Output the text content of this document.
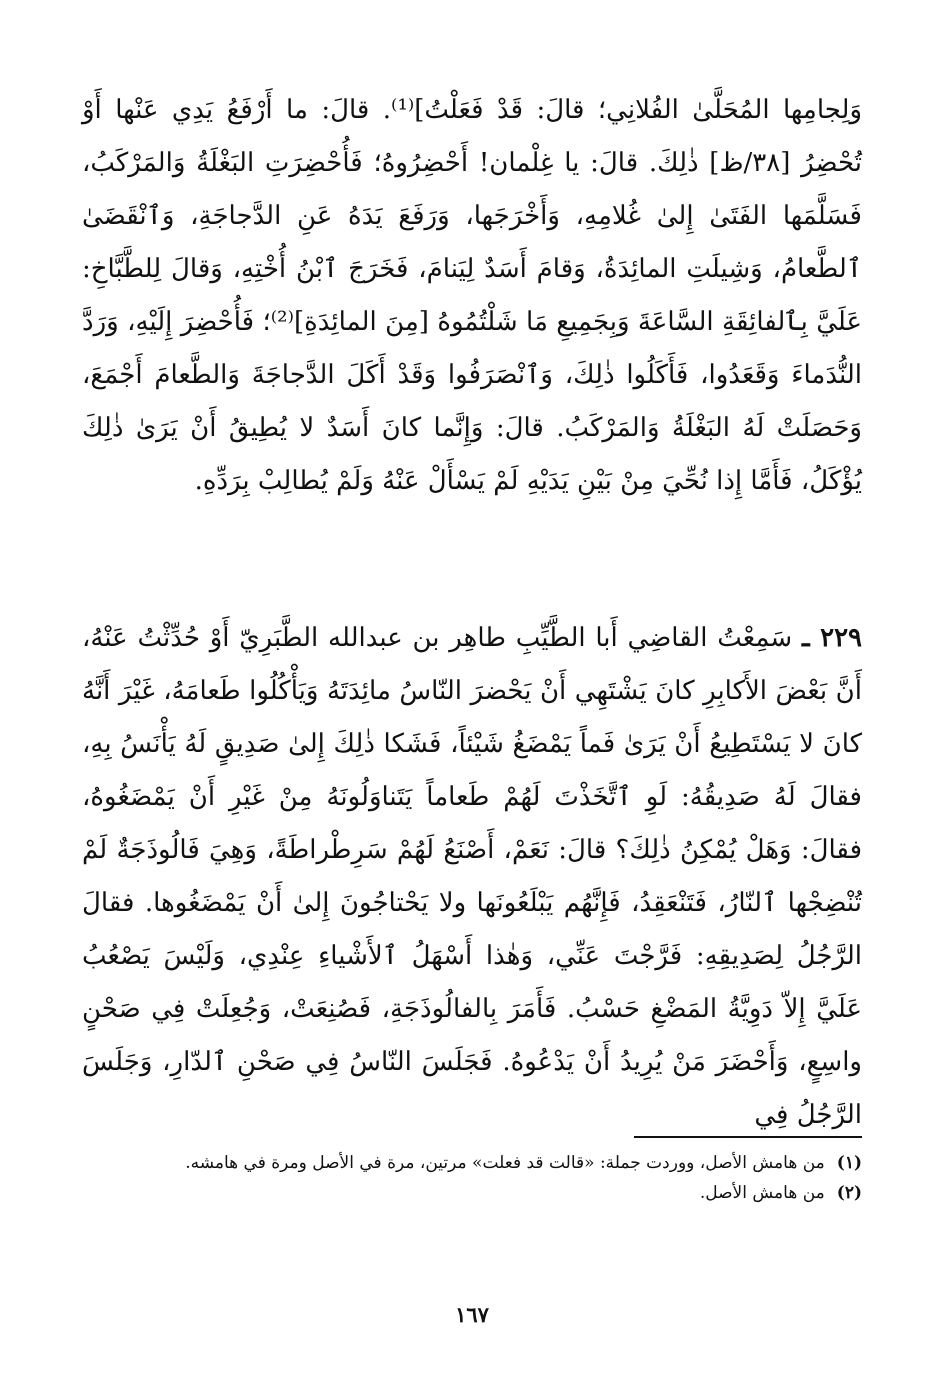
وَلِجامِها المُحَلَّىٰ الفُلانِي؛ قالَ: قَدْ فَعَلْتُ]⁽¹⁾. قالَ: ما أَرْفَعُ يَدِي عَنْها أَوْ تُحْضِرُ [٣٨/ظ] ذٰلِكَ. قالَ: يا غِلْمان! أَحْضِرُوهُ؛ فَأُحْضِرَتِ البَغْلَةُ وَالمَرْكَبُ، فَسَلَّمَها الفَتَىٰ إِلىٰ غُلامِهِ، وَأَخْرَجَها، وَرَفَعَ يَدَهُ عَنِ الدَّجاجَةِ، وَٱنْقَضَىٰ ٱلطَّعامُ، وَشِيلَتِ المائِدَةُ، وَقامَ أَسَدٌ لِيَنامَ، فَخَرَجَ ٱبْنُ أُخْتِهِ، وَقالَ لِلطَّبَّاخِ: عَلَيَّ بِٱلفائِقَةِ السَّاعَةَ وَبِجَمِيعِ مَا شَلْتُمُوهُ [مِنَ المائِدَةِ]⁽²⁾؛ فَأُحْضِرَ إِلَيْهِ، وَرَدَّ النُّدَماءَ وَقَعَدُوا، فَأَكَلُوا ذٰلِكَ، وَٱنْصَرَفُوا وَقَدْ أَكَلَ الدَّجاجَةَ وَالطَّعامَ أَجْمَعَ، وَحَصَلَتْ لَهُ البَغْلَةُ وَالمَرْكَبُ. قالَ: وَإِنَّما كانَ أَسَدٌ لا يُطِيقُ أَنْ يَرَىٰ ذٰلِكَ يُؤْكَلُ، فَأَمَّا إِذا نُحِّيَ مِنْ بَيْنِ يَدَيْهِ لَمْ يَسْأَلْ عَنْهُ وَلَمْ يُطالِبْ بِرَدِّهِ.

٢٢٩ ـ سَمِعْتُ القاضِي أَبا الطَّيِّبِ طاهِر بن عبدالله الطَّبَرِيّ أَوْ حُدِّثْتُ عَنْهُ، أَنَّ بَعْضَ الأَكابِرِ كانَ يَشْتَهِي أَنْ يَحْضرَ النّاسُ مائِدَتَهُ وَيَأْكُلُوا طَعامَهُ، غَيْرَ أَنَّهُ كانَ لا يَسْتَطِيعُ أَنْ يَرَىٰ فَماً يَمْضَغُ شَيْئاً، فَشَكا ذٰلِكَ إِلىٰ صَدِيقٍ لَهُ يَأْنَسُ بِهِ، فقالَ لَهُ صَدِيقُهُ: لَوِ ٱتَّخَذْتَ لَهُمْ طَعاماً يَتَناوَلُونَهُ مِنْ غَيْرِ أَنْ يَمْضَغُوهُ، فقالَ: وَهَلْ يُمْكِنُ ذٰلِكَ؟ قالَ: نَعَمْ، أَصْنَعُ لَهُمْ سَرِطْراطَةً، وَهِيَ فَالُوذَجَةٌ لَمْ تُنْضِجْها ٱلنّارُ، فَتَنْعَقِدُ، فَإِنَّهُم يَبْلَعُونَها ولا يَحْتاجُونَ إِلىٰ أَنْ يَمْضَغُوها. فقالَ الرَّجُلُ لِصَدِيقِهِ: فَرَّجْتَ عَنِّي، وَهٰذا أَسْهَلُ ٱلأَشْياءِ عِنْدِي، وَلَيْسَ يَصْعُبُ عَلَيَّ إِلاّ دَوِيَّةُ المَضْغِ حَسْبُ. فَأَمَرَ بِالفالُوذَجَةِ، فَصُنِعَتْ، وَجُعِلَتْ فِي صَحْنٍ واسِعٍ، وَأَحْضَرَ مَنْ يُرِيدُ أَنْ يَدْعُوهُ. فَجَلَسَ النّاسُ فِي صَحْنِ ٱلدّارِ، وَجَلَسَ الرَّجُلُ فِي

(١)
من هامش الأصل، ووردت جملة: «قالت قد فعلت» مرتين، مرة في الأصل ومرة في هامشه.
(٢)
من هامش الأصل.
١٦٧
